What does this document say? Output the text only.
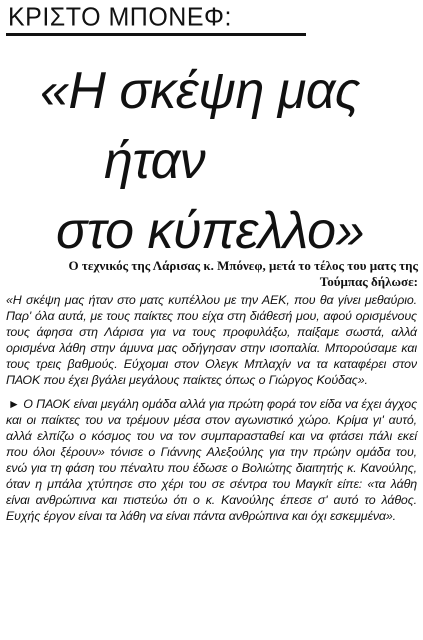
ΚΡΙΣΤΟ ΜΠΟΝΕΦ:
«Η σκέψη μας
ήταν
στο κύπελλο»

Ο τεχνικός της Λάρισας κ. Μπόνεφ, μετά το τέλος του ματς της Τούμπας δήλωσε:

«Η σκέψη μας ήταν στο ματς κυπέλλου με την ΑΕΚ, που θα γίνει μεθαύριο. Παρ' όλα αυτά, με τους παίκτες που είχα στη διάθεσή μου, αφού ορισμένους τους άφησα στη Λάρισα για να τους προφυλάξω, παίξαμε σωστά, αλλά ορισμένα λάθη στην άμυνα μας οδήγησαν στην ισοπαλία. Μπορούσαμε και τους τρεις βαθμούς. Εύχομαι στον Ολεγκ Μπλαχίν να τα καταφέρει στον ΠΑΟΚ που έχει βγάλει μεγάλους παίκτες όπως ο Γιώργος Κούδας».

► Ο ΠΑΟΚ είναι μεγάλη ομάδα αλλά για πρώτη φορά τον είδα να έχει άγχος και οι παίκτες του να τρέμουν μέσα στον αγωνιστικό χώρο. Κρίμα γι' αυτό, αλλά ελπίζω ο κόσμος του να τον συμπαρασταθεί και να φτάσει πάλι εκεί που όλοι ξέρουν» τόνισε ο Γιάννης Αλεξούλης για την πρώην ομάδα του, ενώ για τη φάση του πέναλτυ που έδωσε ο Βολιώτης διαιτητής κ. Κανούλης, όταν η μπάλα χτύπησε στο χέρι του σε σέντρα του Μαγκίτ είπε: «τα λάθη είναι ανθρώπινα και πιστεύω ότι ο κ. Κανούλης έπεσε σ' αυτό το λάθος. Ευχής έργον είναι τα λάθη να είναι πάντα ανθρώπινα και όχι εσκεμμένα».
